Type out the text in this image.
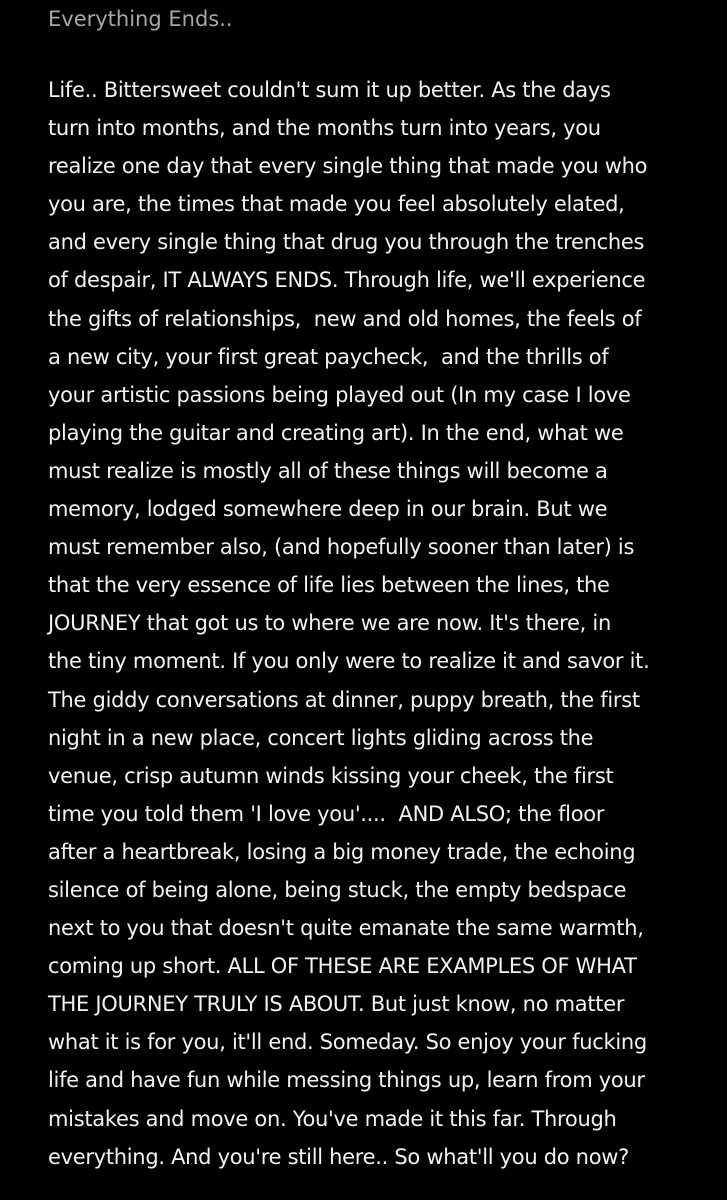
Everything Ends..
Life.. Bittersweet couldn't sum it up better. As the days
turn into months, and the months turn into years, you
realize one day that every single thing that made you who
you are, the times that made you feel absolutely elated,
and every single thing that drug you through the trenches
of despair, IT ALWAYS ENDS. Through life, we'll experience
the gifts of relationships,  new and old homes, the feels of
a new city, your first great paycheck,  and the thrills of
your artistic passions being played out (In my case I love
playing the guitar and creating art). In the end, what we
must realize is mostly all of these things will become a
memory, lodged somewhere deep in our brain. But we
must remember also, (and hopefully sooner than later) is
that the very essence of life lies between the lines, the
JOURNEY that got us to where we are now. It's there, in
the tiny moment. If you only were to realize it and savor it.
The giddy conversations at dinner, puppy breath, the first
night in a new place, concert lights gliding across the
venue, crisp autumn winds kissing your cheek, the first
time you told them 'I love you'....  AND ALSO; the floor
after a heartbreak, losing a big money trade, the echoing
silence of being alone, being stuck, the empty bedspace
next to you that doesn't quite emanate the same warmth,
coming up short. ALL OF THESE ARE EXAMPLES OF WHAT
THE JOURNEY TRULY IS ABOUT. But just know, no matter
what it is for you, it'll end. Someday. So enjoy your fucking
life and have fun while messing things up, learn from your
mistakes and move on. You've made it this far. Through
everything. And you're still here.. So what'll you do now?
